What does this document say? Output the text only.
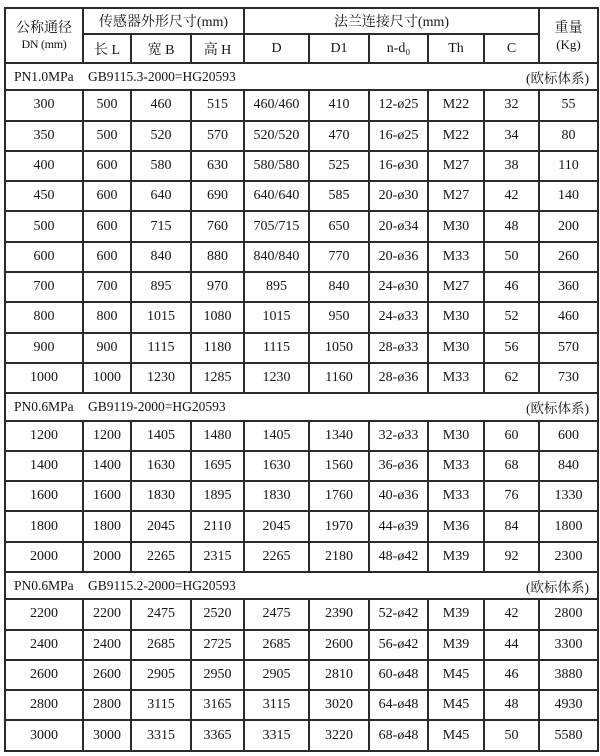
公称通径
DN (mm)
	传感器外形尺寸(mm)	法兰连接尺寸(mm)	重量
(Kg)

	长 L	宽 B	高 H	D	D1	n-d₀	Th	C	

PN1.0MPa GB9115.3-2000=HG20593 (欧标体系)									

300	500	460	515	460/460	410	12-ø25	M22	32	55
350	500	520	570	520/520	470	16-ø25	M22	34	80
400	600	580	630	580/580	525	16-ø30	M27	38	110
450	600	640	690	640/640	585	20-ø30	M27	42	140
500	600	715	760	705/715	650	20-ø34	M30	48	200
600	600	840	880	840/840	770	20-ø36	M33	50	260
700	700	895	970	895	840	24-ø30	M27	46	360
800	800	1015	1080	1015	950	24-ø33	M30	52	460
900	900	1115	1180	1115	1050	28-ø33	M30	56	570
1000	1000	1230	1285	1230	1160	28-ø36	M33	62	730

PN0.6MPa GB9119-2000=HG20593 (欧标体系)									

1200	1200	1405	1480	1405	1340	32-ø33	M30	60	600
1400	1400	1630	1695	1630	1560	36-ø36	M33	68	840
1600	1600	1830	1895	1830	1760	40-ø36	M33	76	1330
1800	1800	2045	2110	2045	1970	44-ø39	M36	84	1800
2000	2000	2265	2315	2265	2180	48-ø42	M39	92	2300

PN0.6MPa GB9115.2-2000=HG20593 (欧标体系)									

2200	2200	2475	2520	2475	2390	52-ø42	M39	42	2800
2400	2400	2685	2725	2685	2600	56-ø42	M39	44	3300
2600	2600	2905	2950	2905	2810	60-ø48	M45	46	3880
2800	2800	3115	3165	3115	3020	64-ø48	M45	48	4930
3000	3000	3315	3365	3315	3220	68-ø48	M45	50	5580
